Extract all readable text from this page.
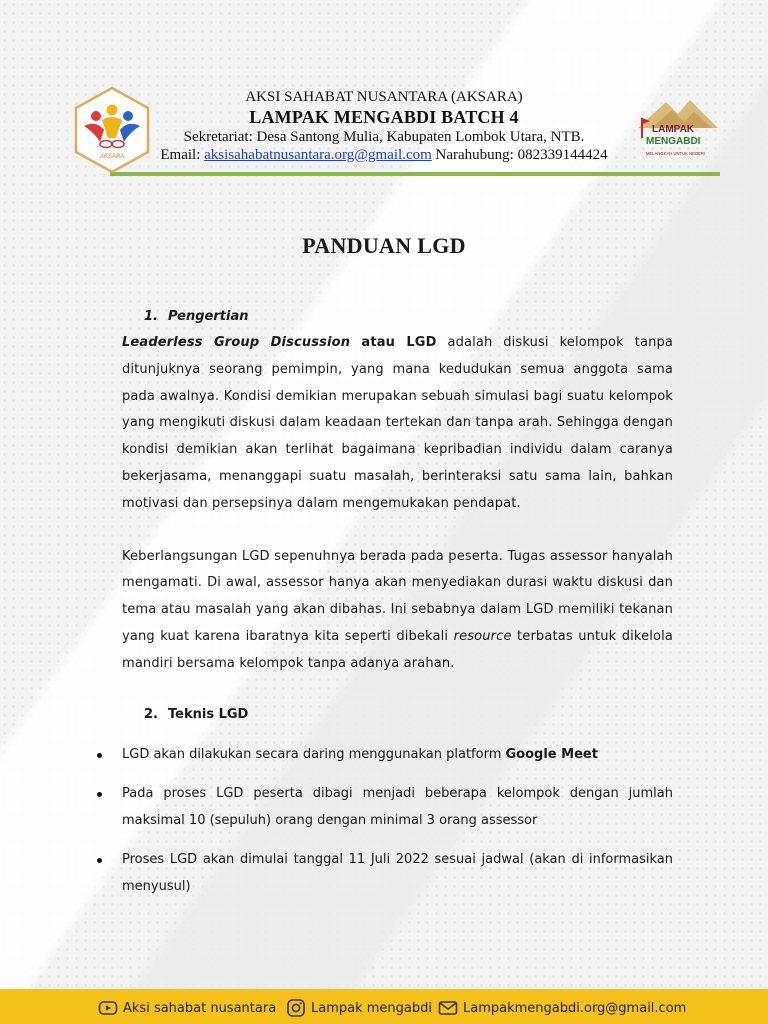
AKSARA
AKSI SAHABAT NUSANTARA (AKSARA)
LAMPAK MENGABDI BATCH 4
Sekretariat: Desa Santong Mulia, Kabupaten Lombok Utara, NTB.
Email: aksisahabatnusantara.org@gmail.com Narahubung: 082339144424
LAMPAK
MENGABDI
MELANGKAH UNTUK NEGERI
PANDUAN LGD
1. Pengertian

Leaderless Group Discussion atau LGD adalah diskusi kelompok tanpa ditunjuknya seorang pemimpin, yang mana kedudukan semua anggota sama pada awalnya. Kondisi demikian merupakan sebuah simulasi bagi suatu kelompok yang mengikuti diskusi dalam keadaan tertekan dan tanpa arah. Sehingga dengan kondisi demikian akan terlihat bagaimana kepribadian individu dalam caranya bekerjasama, menanggapi suatu masalah, berinteraksi satu sama lain, bahkan motivasi dan persepsinya dalam mengemukakan pendapat.

Keberlangsungan LGD sepenuhnya berada pada peserta. Tugas assessor hanyalah mengamati. Di awal, assessor hanya akan menyediakan durasi waktu diskusi dan tema atau masalah yang akan dibahas. Ini sebabnya dalam LGD memiliki tekanan yang kuat karena ibaratnya kita seperti dibekali resource terbatas untuk dikelola mandiri bersama kelompok tanpa adanya arahan.

2. Teknis LGD
LGD akan dilakukan secara daring menggunakan platform Google Meet
Pada proses LGD peserta dibagi menjadi beberapa kelompok dengan jumlah maksimal 10 (sepuluh) orang dengan minimal 3 orang assessor
Proses LGD akan dimulai tanggal 11 Juli 2022 sesuai jadwal (akan di informasikan menyusul)
Aksi sahabat nusantara	Lampak mengabdi Lampakmengabdi.org@gmail.com
